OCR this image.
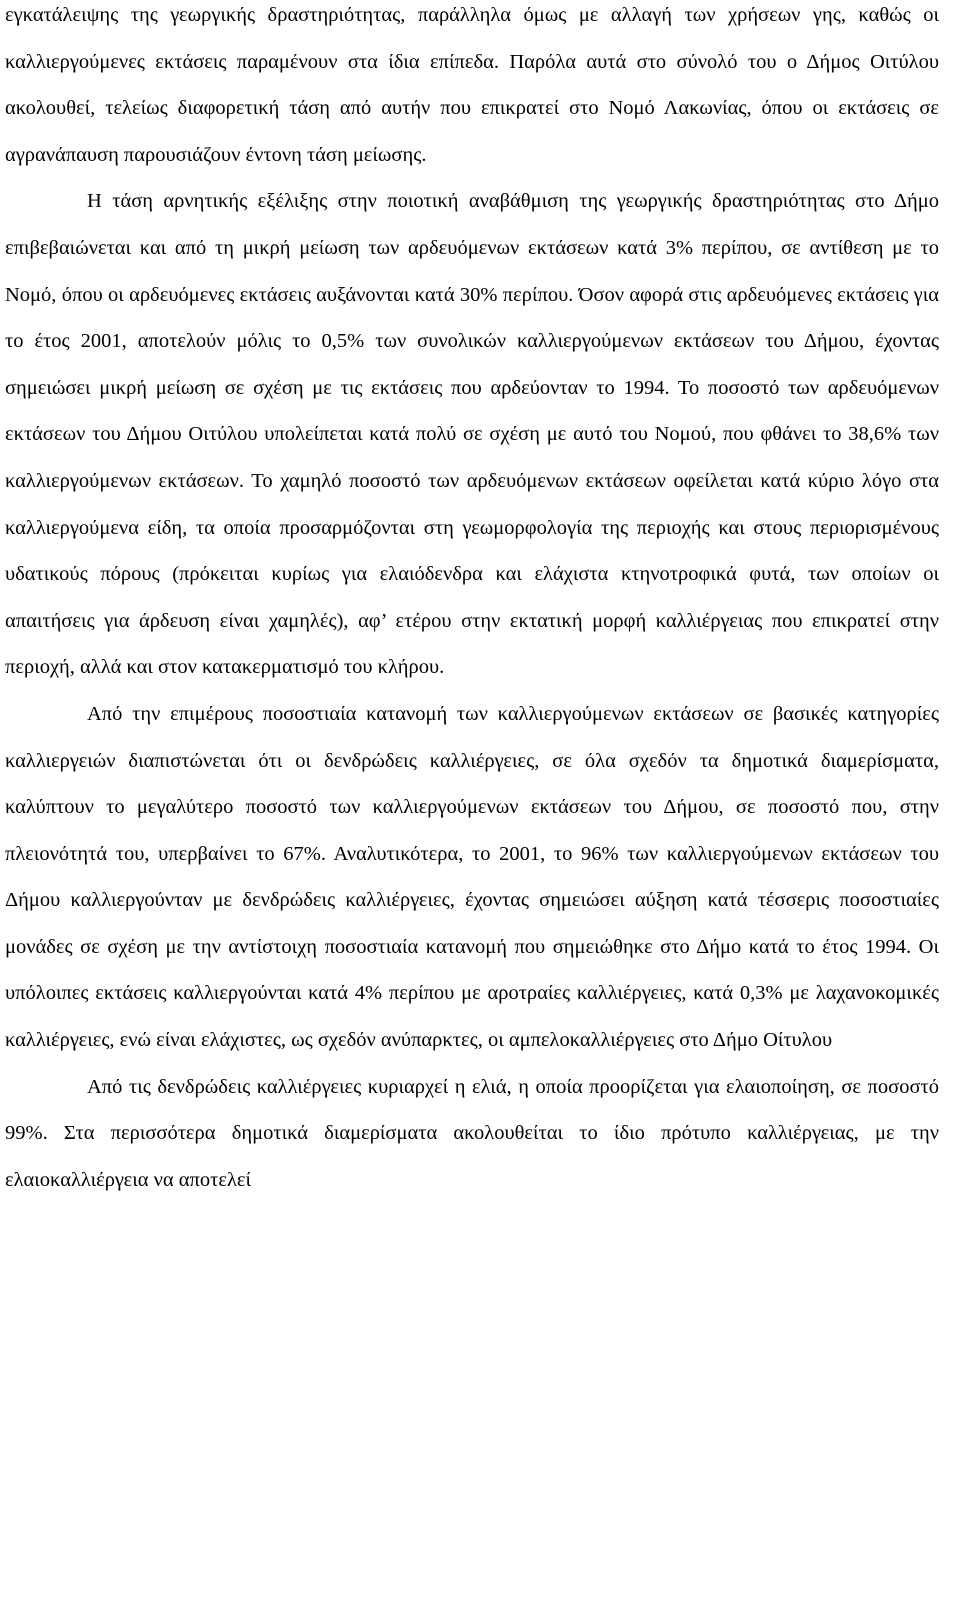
εγκατάλειψης της γεωργικής δραστηριότητας, παράλληλα όμως με αλλαγή των χρήσεων γης, καθώς οι καλλιεργούμενες εκτάσεις παραμένουν στα ίδια επίπεδα. Παρόλα αυτά στο σύνολό του ο Δήμος Οιτύλου ακολουθεί, τελείως διαφορετική τάση από αυτήν που επικρατεί στο Νομό Λακωνίας, όπου οι εκτάσεις σε αγρανάπαυση παρουσιάζουν έντονη τάση μείωσης.

Η τάση αρνητικής εξέλιξης στην ποιοτική αναβάθμιση της γεωργικής δραστηριότητας στο Δήμο επιβεβαιώνεται και από τη μικρή μείωση των αρδευόμενων εκτάσεων κατά 3% περίπου, σε αντίθεση με το Νομό, όπου οι αρδευόμενες εκτάσεις αυξάνονται κατά 30% περίπου. Όσον αφορά στις αρδευόμενες εκτάσεις για το έτος 2001, αποτελούν μόλις το 0,5% των συνολικών καλλιεργούμενων εκτάσεων του Δήμου, έχοντας σημειώσει μικρή μείωση σε σχέση με τις εκτάσεις που αρδεύονταν το 1994. Το ποσοστό των αρδευόμενων εκτάσεων του Δήμου Οιτύλου υπολείπεται κατά πολύ σε σχέση με αυτό του Νομού, που φθάνει το 38,6% των καλλιεργούμενων εκτάσεων. Το χαμηλό ποσοστό των αρδευόμενων εκτάσεων οφείλεται κατά κύριο λόγο στα καλλιεργούμενα είδη, τα οποία προσαρμόζονται στη γεωμορφολογία της περιοχής και στους περιορισμένους υδατικούς πόρους (πρόκειται κυρίως για ελαιόδενδρα και ελάχιστα κτηνοτροφικά φυτά, των οποίων οι απαιτήσεις για άρδευση είναι χαμηλές), αφ’ ετέρου στην εκτατική μορφή καλλιέργειας που επικρατεί στην περιοχή, αλλά και στον κατακερματισμό του κλήρου.

Από την επιμέρους ποσοστιαία κατανομή των καλλιεργούμενων εκτάσεων σε βασικές κατηγορίες καλλιεργειών διαπιστώνεται ότι οι δενδρώδεις καλλιέργειες, σε όλα σχεδόν τα δημοτικά διαμερίσματα, καλύπτουν το μεγαλύτερο ποσοστό των καλλιεργούμενων εκτάσεων του Δήμου, σε ποσοστό που, στην πλειονότητά του, υπερβαίνει το 67%. Αναλυτικότερα, το 2001, το 96% των καλλιεργούμενων εκτάσεων του Δήμου καλλιεργούνταν με δενδρώδεις καλλιέργειες, έχοντας σημειώσει αύξηση κατά τέσσερις ποσοστιαίες μονάδες σε σχέση με την αντίστοιχη ποσοστιαία κατανομή που σημειώθηκε στο Δήμο κατά το έτος 1994. Οι υπόλοιπες εκτάσεις καλλιεργούνται κατά 4% περίπου με αροτραίες καλλιέργειες, κατά 0,3% με λαχανοκομικές καλλιέργειες, ενώ είναι ελάχιστες, ως σχεδόν ανύπαρκτες, οι αμπελοκαλλιέργειες στο Δήμο Οίτυλου

Από τις δενδρώδεις καλλιέργειες κυριαρχεί η ελιά, η οποία προορίζεται για ελαιοποίηση, σε ποσοστό 99%. Στα περισσότερα δημοτικά διαμερίσματα ακολουθείται το ίδιο πρότυπο καλλιέργειας, με την ελαιοκαλλιέργεια να αποτελεί
